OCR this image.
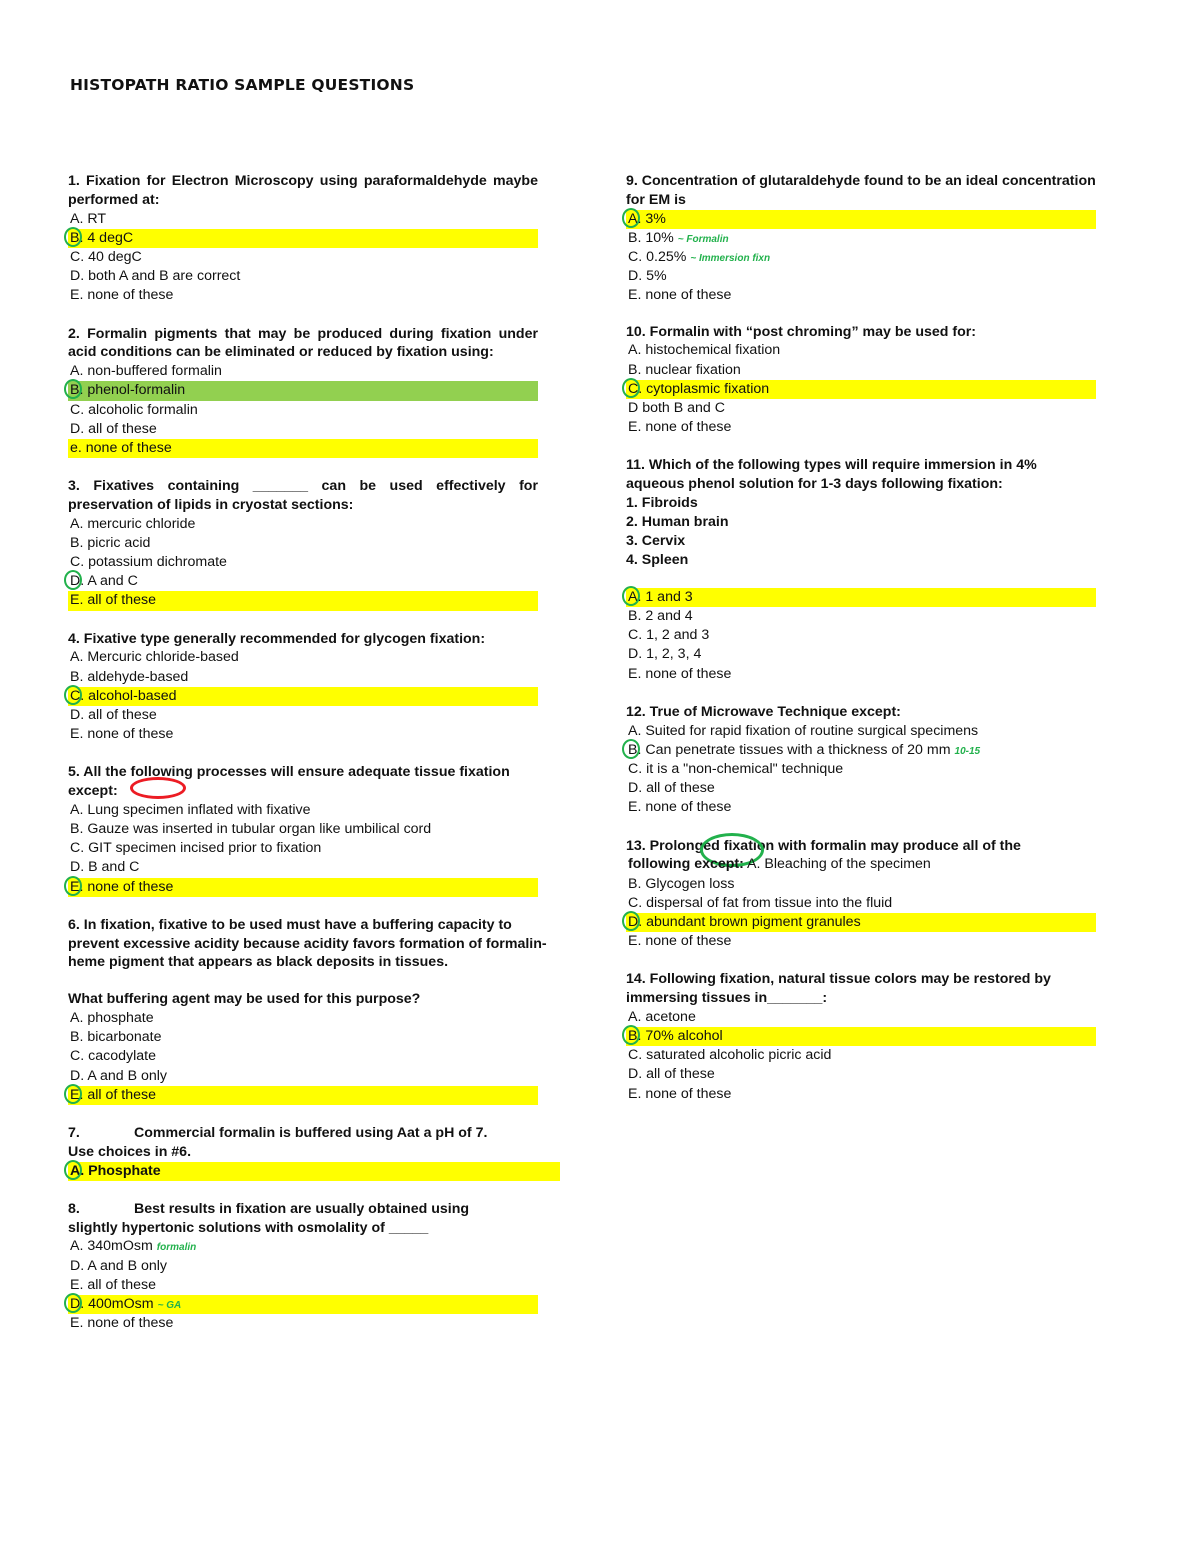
HISTOPATH RATIO SAMPLE QUESTIONS
1. Fixation for Electron Microscopy using paraformaldehyde maybe performed at:
A. RT
B. 4 degC
C. 40 degC
D. both A and B are correct
E. none of these
2. Formalin pigments that may be produced during fixation under acid conditions can be eliminated or reduced by fixation using:
A. non-buffered formalin
B. phenol-formalin
C. alcoholic formalin
D. all of these
e. none of these
3. Fixatives containing _______ can be used effectively for preservation of lipids in cryostat sections:
A. mercuric chloride
B. picric acid
C. potassium dichromate
D. A and C
E. all of these
4. Fixative type generally recommended for glycogen fixation:
A. Mercuric chloride-based
B. aldehyde-based
C. alcohol-based
D. all of these
E. none of these
5. All the following processes will ensure adequate tissue fixation except:
A. Lung specimen inflated with fixative
B. Gauze was inserted in tubular organ like umbilical cord
C. GIT specimen incised prior to fixation
D. B and C
E. none of these
6. In fixation, fixative to be used must have a buffering capacity to prevent excessive acidity because acidity favors formation of formalin-heme pigment that appears as black deposits in tissues.
What buffering agent may be used for this purpose?
A. phosphate
B. bicarbonate
C. cacodylate
D. A and B only
E. all of these
7.	Commercial formalin is buffered using Aat a pH of 7.
Use choices in #6.
A. Phosphate
8.	Best results in fixation are usually obtained using
slightly hypertonic solutions with osmolality of _____
A. 340mOsm formalin
D. A and B only
E. all of these
D. 400mOsm ~ GA
E. none of these
9. Concentration of glutaraldehyde found to be an ideal concentration for EM is
A. 3%
B. 10% ~ Formalin
C. 0.25% ~ Immersion fixn
D. 5%
E. none of these
10. Formalin with “post chroming” may be used for:
A. histochemical fixation
B. nuclear fixation
C. cytoplasmic fixation
D both B and C
E. none of these
11. Which of the following types will require immersion in 4% aqueous phenol solution for 1-3 days following fixation:
1. Fibroids
2. Human brain
3. Cervix
4. Spleen
A. 1 and 3
B. 2 and 4
C. 1, 2 and 3
D. 1, 2, 3, 4
E. none of these
12. True of Microwave Technique except:
A. Suited for rapid fixation of routine surgical specimens
B. Can penetrate tissues with a thickness of 20 mm 10-15
C. it is a "non-chemical" technique
D. all of these
E. none of these
13. Prolonged fixation with formalin may produce all of the
following except: A. Bleaching of the specimen
B. Glycogen loss
C. dispersal of fat from tissue into the fluid
D. abundant brown pigment granules
E. none of these
14. Following fixation, natural tissue colors may be restored by immersing tissues in_______:
A. acetone
B. 70% alcohol
C. saturated alcoholic picric acid
D. all of these
E. none of these
